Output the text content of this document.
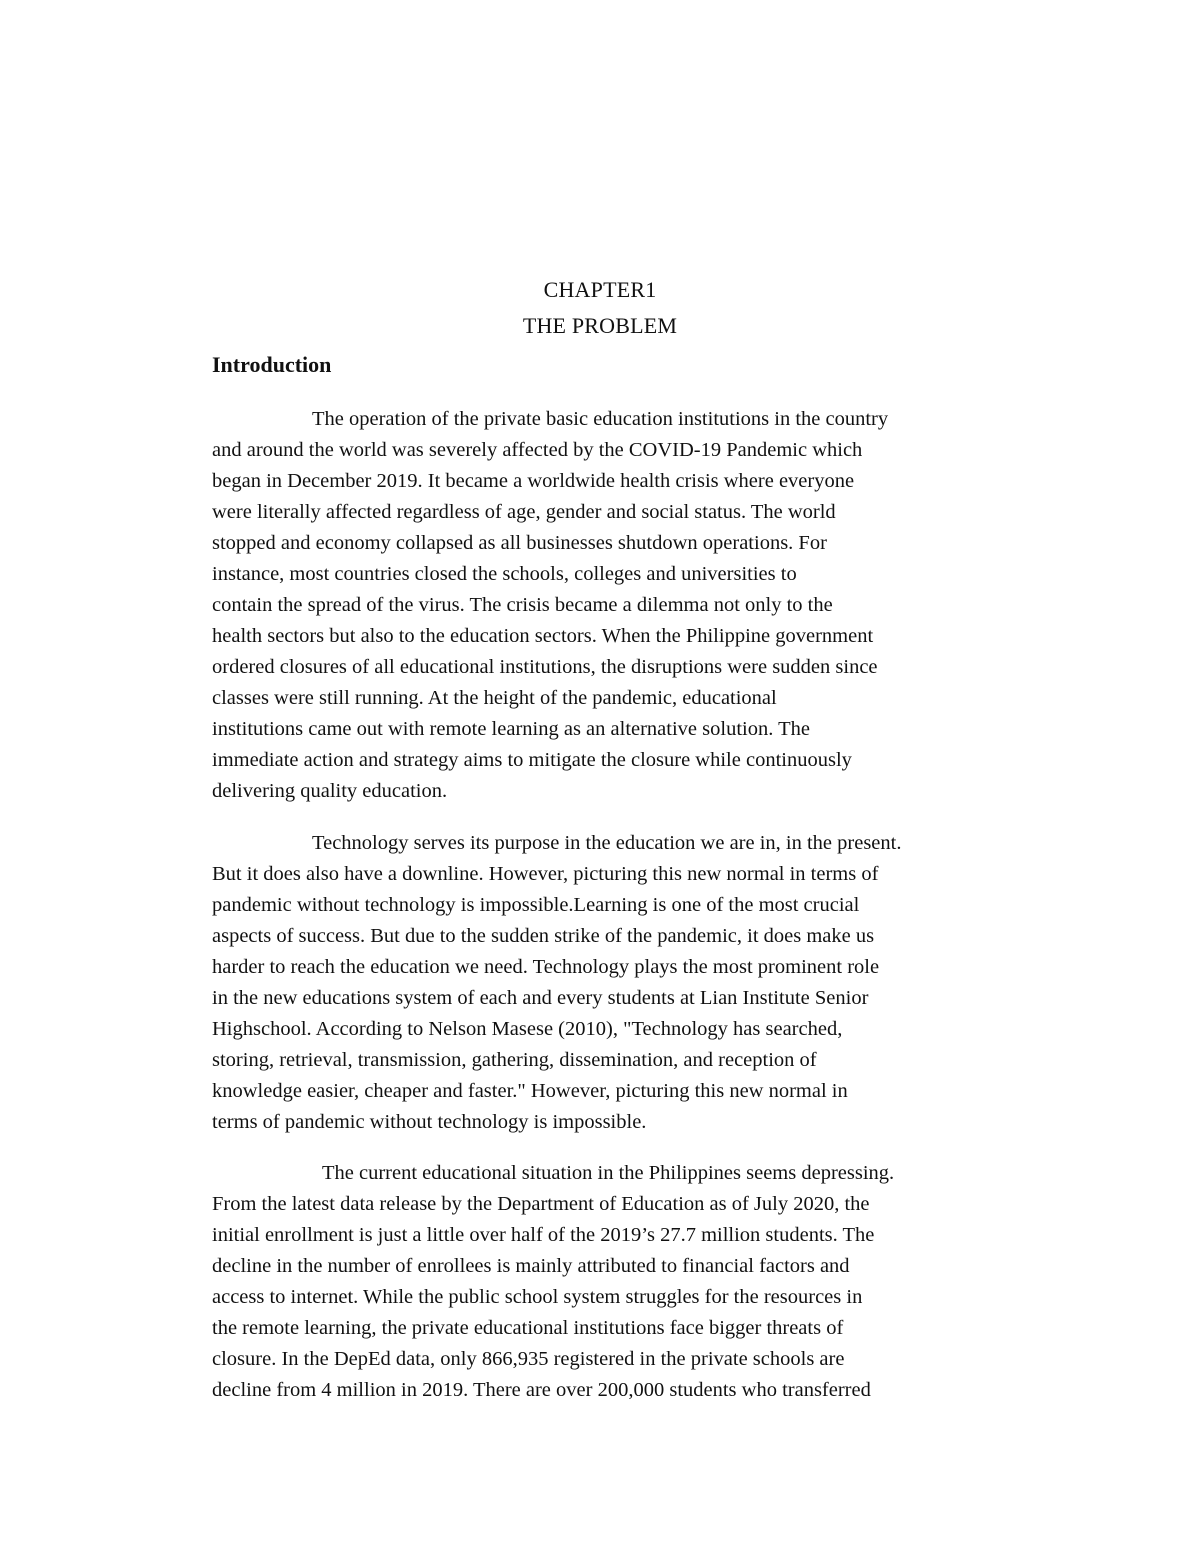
CHAPTER1
THE PROBLEM
Introduction
The operation of the private basic education institutions in the country
and around the world was severely affected by the COVID-19 Pandemic which
began in December 2019. It became a worldwide health crisis where everyone
were literally affected regardless of age, gender and social status. The world
stopped and economy collapsed as all businesses shutdown operations. For
instance, most countries closed the schools, colleges and universities to
contain the spread of the virus. The crisis became a dilemma not only to the
health sectors but also to the education sectors. When the Philippine government
ordered closures of all educational institutions, the disruptions were sudden since
classes were still running. At the height of the pandemic, educational
institutions came out with remote learning as an alternative solution. The
immediate action and strategy aims to mitigate the closure while continuously
delivering quality education.
Technology serves its purpose in the education we are in, in the present.
But it does also have a downline. However, picturing this new normal in terms of
pandemic without technology is impossible.Learning is one of the most crucial
aspects of success. But due to the sudden strike of the pandemic, it does make us
harder to reach the education we need. Technology plays the most prominent role
in the new educations system of each and every students at Lian Institute Senior
Highschool. According to Nelson Masese (2010), "Technology has searched,
storing, retrieval, transmission, gathering, dissemination, and reception of
knowledge easier, cheaper and faster." However, picturing this new normal in
terms of pandemic without technology is impossible.
The current educational situation in the Philippines seems depressing.
From the latest data release by the Department of Education as of July 2020, the
initial enrollment is just a little over half of the 2019’s 27.7 million students. The
decline in the number of enrollees is mainly attributed to financial factors and
access to internet. While the public school system struggles for the resources in
the remote learning, the private educational institutions face bigger threats of
closure. In the DepEd data, only 866,935 registered in the private schools are
decline from 4 million in 2019. There are over 200,000 students who transferred
